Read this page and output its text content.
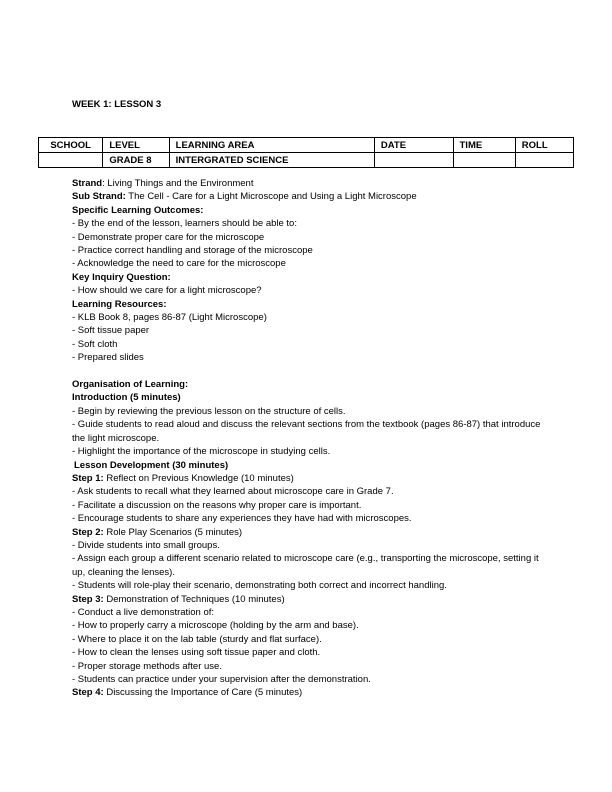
WEEK 1: LESSON 3
SCHOOL	LEVEL	LEARNING AREA	DATE	TIME	ROLL
	GRADE 8	INTERGRATED SCIENCE			
Strand: Living Things and the Environment
Sub Strand: The Cell - Care for a Light Microscope and Using a Light Microscope
Specific Learning Outcomes:
- By the end of the lesson, learners should be able to:
- Demonstrate proper care for the microscope
- Practice correct handling and storage of the microscope
- Acknowledge the need to care for the microscope
Key Inquiry Question:
- How should we care for a light microscope?
Learning Resources:
- KLB Book 8, pages 86-87 (Light Microscope)
- Soft tissue paper
- Soft cloth
- Prepared slides
Organisation of Learning:
Introduction (5 minutes)
- Begin by reviewing the previous lesson on the structure of cells.
- Guide students to read aloud and discuss the relevant sections from the textbook (pages 86-87) that introduce the light microscope.
- Highlight the importance of the microscope in studying cells.
Lesson Development (30 minutes)
Step 1: Reflect on Previous Knowledge (10 minutes)
- Ask students to recall what they learned about microscope care in Grade 7.
- Facilitate a discussion on the reasons why proper care is important.
- Encourage students to share any experiences they have had with microscopes.
Step 2: Role Play Scenarios (5 minutes)
- Divide students into small groups.
- Assign each group a different scenario related to microscope care (e.g., transporting the microscope, setting it up, cleaning the lenses).
- Students will role-play their scenario, demonstrating both correct and incorrect handling.
Step 3: Demonstration of Techniques (10 minutes)
- Conduct a live demonstration of:
- How to properly carry a microscope (holding by the arm and base).
- Where to place it on the lab table (sturdy and flat surface).
- How to clean the lenses using soft tissue paper and cloth.
- Proper storage methods after use.
- Students can practice under your supervision after the demonstration.
Step 4: Discussing the Importance of Care (5 minutes)
